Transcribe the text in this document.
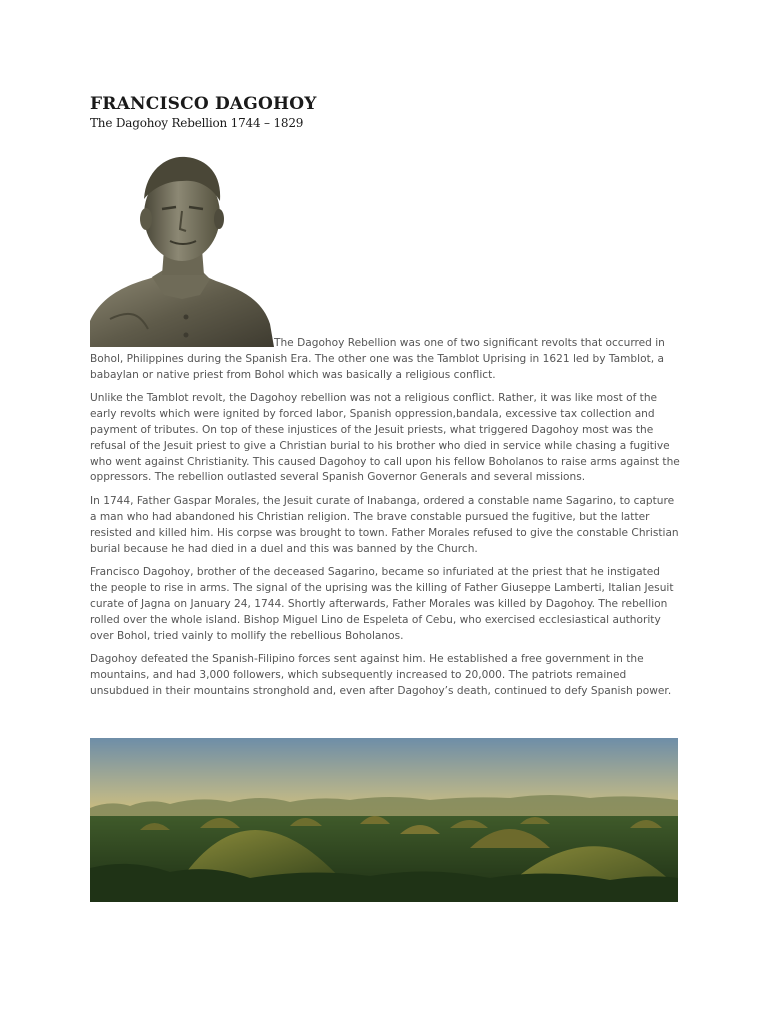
FRANCISCO DAGOHOY
The Dagohoy Rebellion 1744 – 1829

The Dagohoy Rebellion was one of two significant revolts that occurred in Bohol, Philippines during the Spanish Era. The other one was the Tamblot Uprising in 1621 led by Tamblot, a babaylan or native priest from Bohol which was basically a religious conflict.

Unlike the Tamblot revolt, the Dagohoy rebellion was not a religious conflict. Rather, it was like most of the early revolts which were ignited by forced labor, Spanish oppression,bandala, excessive tax collection and payment of tributes. On top of these injustices of the Jesuit priests, what triggered Dagohoy most was the refusal of the Jesuit priest to give a Christian burial to his brother who died in service while chasing a fugitive who went against Christianity. This caused Dagohoy to call upon his fellow Boholanos to raise arms against the oppressors. The rebellion outlasted several Spanish Governor Generals and several missions.

In 1744, Father Gaspar Morales, the Jesuit curate of Inabanga, ordered a constable name Sagarino, to capture a man who had abandoned his Christian religion. The brave constable pursued the fugitive, but the latter resisted and killed him. His corpse was brought to town. Father Morales refused to give the constable Christian burial because he had died in a duel and this was banned by the Church.

Francisco Dagohoy, brother of the deceased Sagarino, became so infuriated at the priest that he instigated the people to rise in arms. The signal of the uprising was the killing of Father Giuseppe Lamberti, Italian Jesuit curate of Jagna on January 24, 1744. Shortly afterwards, Father Morales was killed by Dagohoy. The rebellion rolled over the whole island. Bishop Miguel Lino de Espeleta of Cebu, who exercised ecclesiastical authority over Bohol, tried vainly to mollify the rebellious Boholanos.

Dagohoy defeated the Spanish-Filipino forces sent against him. He established a free government in the mountains, and had 3,000 followers, which subsequently increased to 20,000. The patriots remained unsubdued in their mountains stronghold and, even after Dagohoy’s death, continued to defy Spanish power.
